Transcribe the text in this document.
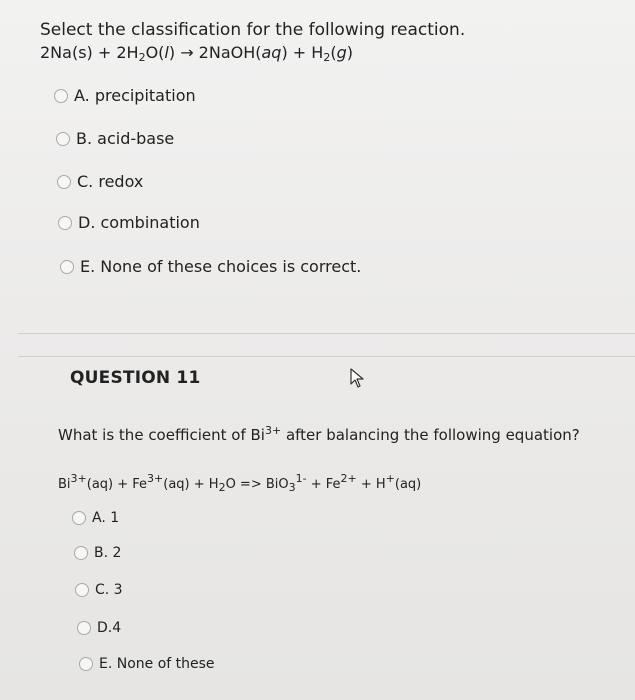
Select the classification for the following reaction.
$2Na(s) + 2H_2O(l)$ → 2NaOH(aq) + $H_2(g)$
A. precipitation
B. acid-base
C. redox
D. combination
E. None of these choices is correct.
QUESTION 11
What is the coefficient of $Bi^{3+}$ after balancing the following equation?
$Bi^{3+}(aq) + Fe^{3+}(aq) + H_2O => BiO_3^{1-} + Fe^{2+} + H^+(aq)$
A. 1
B. 2
C. 3
D.4
E. None of these
